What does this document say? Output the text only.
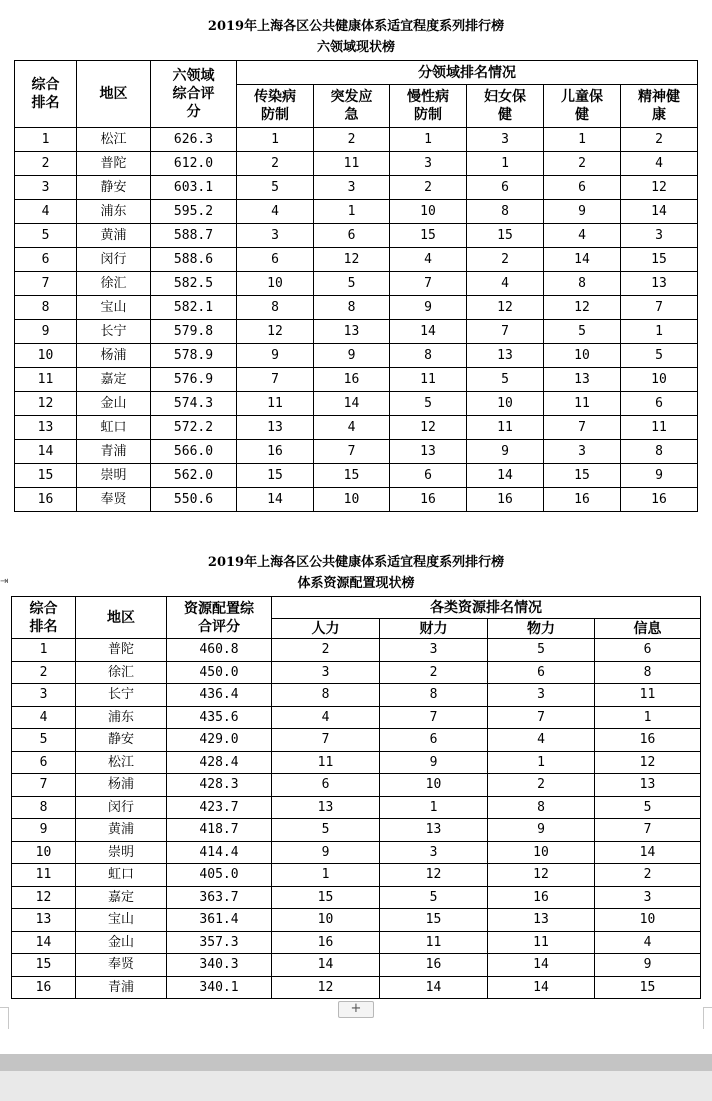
2019年上海各区公共健康体系适宜程度系列排行榜
六领域现状榜
综合排名	地区	六领域综合评分	分领域排名情况					
			传染病防制	突发应急	慢性病防制	妇女保健	儿童保健	精神健康
1	松江	626.3	1	2	1	3	1	2
2	普陀	612.0	2	11	3	1	2	4
3	静安	603.1	5	3	2	6	6	12
4	浦东	595.2	4	1	10	8	9	14
5	黄浦	588.7	3	6	15	15	4	3
6	闵行	588.6	6	12	4	2	14	15
7	徐汇	582.5	10	5	7	4	8	13
8	宝山	582.1	8	8	9	12	12	7
9	长宁	579.8	12	13	14	7	5	1
10	杨浦	578.9	9	9	8	13	10	5
11	嘉定	576.9	7	16	11	5	13	10
12	金山	574.3	11	14	5	10	11	6
13	虹口	572.2	13	4	12	11	7	11
14	青浦	566.0	16	7	13	9	3	8
15	崇明	562.0	15	15	6	14	15	9
16	奉贤	550.6	14	10	16	16	16	16
2019年上海各区公共健康体系适宜程度系列排行榜
体系资源配置现状榜
⇥
综合排名	地区	资源配置综合评分	各类资源排名情况			
			人力	财力	物力	信息
1	普陀	460.8	2	3	5	6
2	徐汇	450.0	3	2	6	8
3	长宁	436.4	8	8	3	11
4	浦东	435.6	4	7	7	1
5	静安	429.0	7	6	4	16
6	松江	428.4	11	9	1	12
7	杨浦	428.3	6	10	2	13
8	闵行	423.7	13	1	8	5
9	黄浦	418.7	5	13	9	7
10	崇明	414.4	9	3	10	14
11	虹口	405.0	1	12	12	2
12	嘉定	363.7	15	5	16	3
13	宝山	361.4	10	15	13	10
14	金山	357.3	16	11	11	4
15	奉贤	340.3	14	16	14	9
16	青浦	340.1	12	14	14	15
+
